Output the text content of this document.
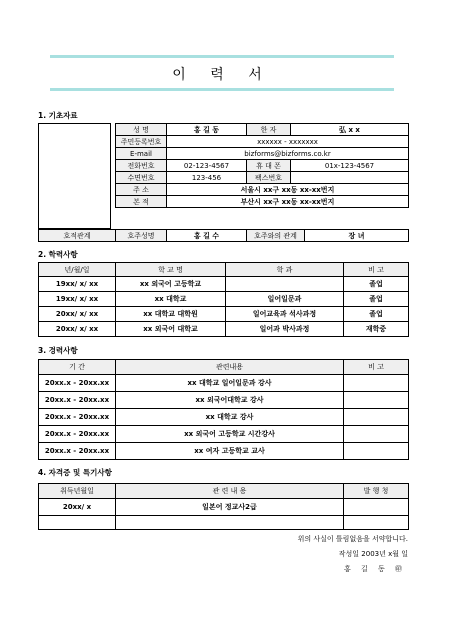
이 력 서
1. 기초자료
성 명	홍 길 동	한 자	弘 x x
주민등록번호	xxxxxx - xxxxxxx		
E-mail	bizforms@bizforms.co.kr		
전화번호	02-123-4567	휴 대 폰	01x-123-4567
수면번호	123-456	팩스번호	
주 소	서울시 xx구 xx동 xx-xx번지		
본 적	부산시 xx구 xx동 xx-xx번지		
호적관계	호주성명	홍 길 수	호주와의 관계	장 녀
2. 학력사항
년/월/일	학 교 명	학 과	비 고
19xx/ x/ xx	xx 외국어 고등학교		졸업
19xx/ x/ xx	xx 대학교	일어일문과	졸업
20xx/ x/ xx	xx 대학교 대학원	일어교육과 석사과정	졸업
20xx/ x/ xx	xx 외국어 대학교	일어과 박사과정	재학중
3. 경력사항
기 간	관련내용	비 고
20xx.x - 20xx.xx	xx 대학교 일어일문과 강사	
20xx.x - 20xx.xx	xx 외국어대학교 강사	
20xx.x - 20xx.xx	xx 대학교 강사	
20xx.x - 20xx.xx	xx 외국어 고등학교 시간강사	
20xx.x - 20xx.xx	xx 여자 고등학교 교사	
4. 자격증 및 특기사항
취득년월일	관 련 내 용	발 행 청
20xx/ x	일본어 정교사2급	

위의 사실이 틀림없음을 서약합니다.
작성일 2003년 x월 일
홍 길 동 ㊞
